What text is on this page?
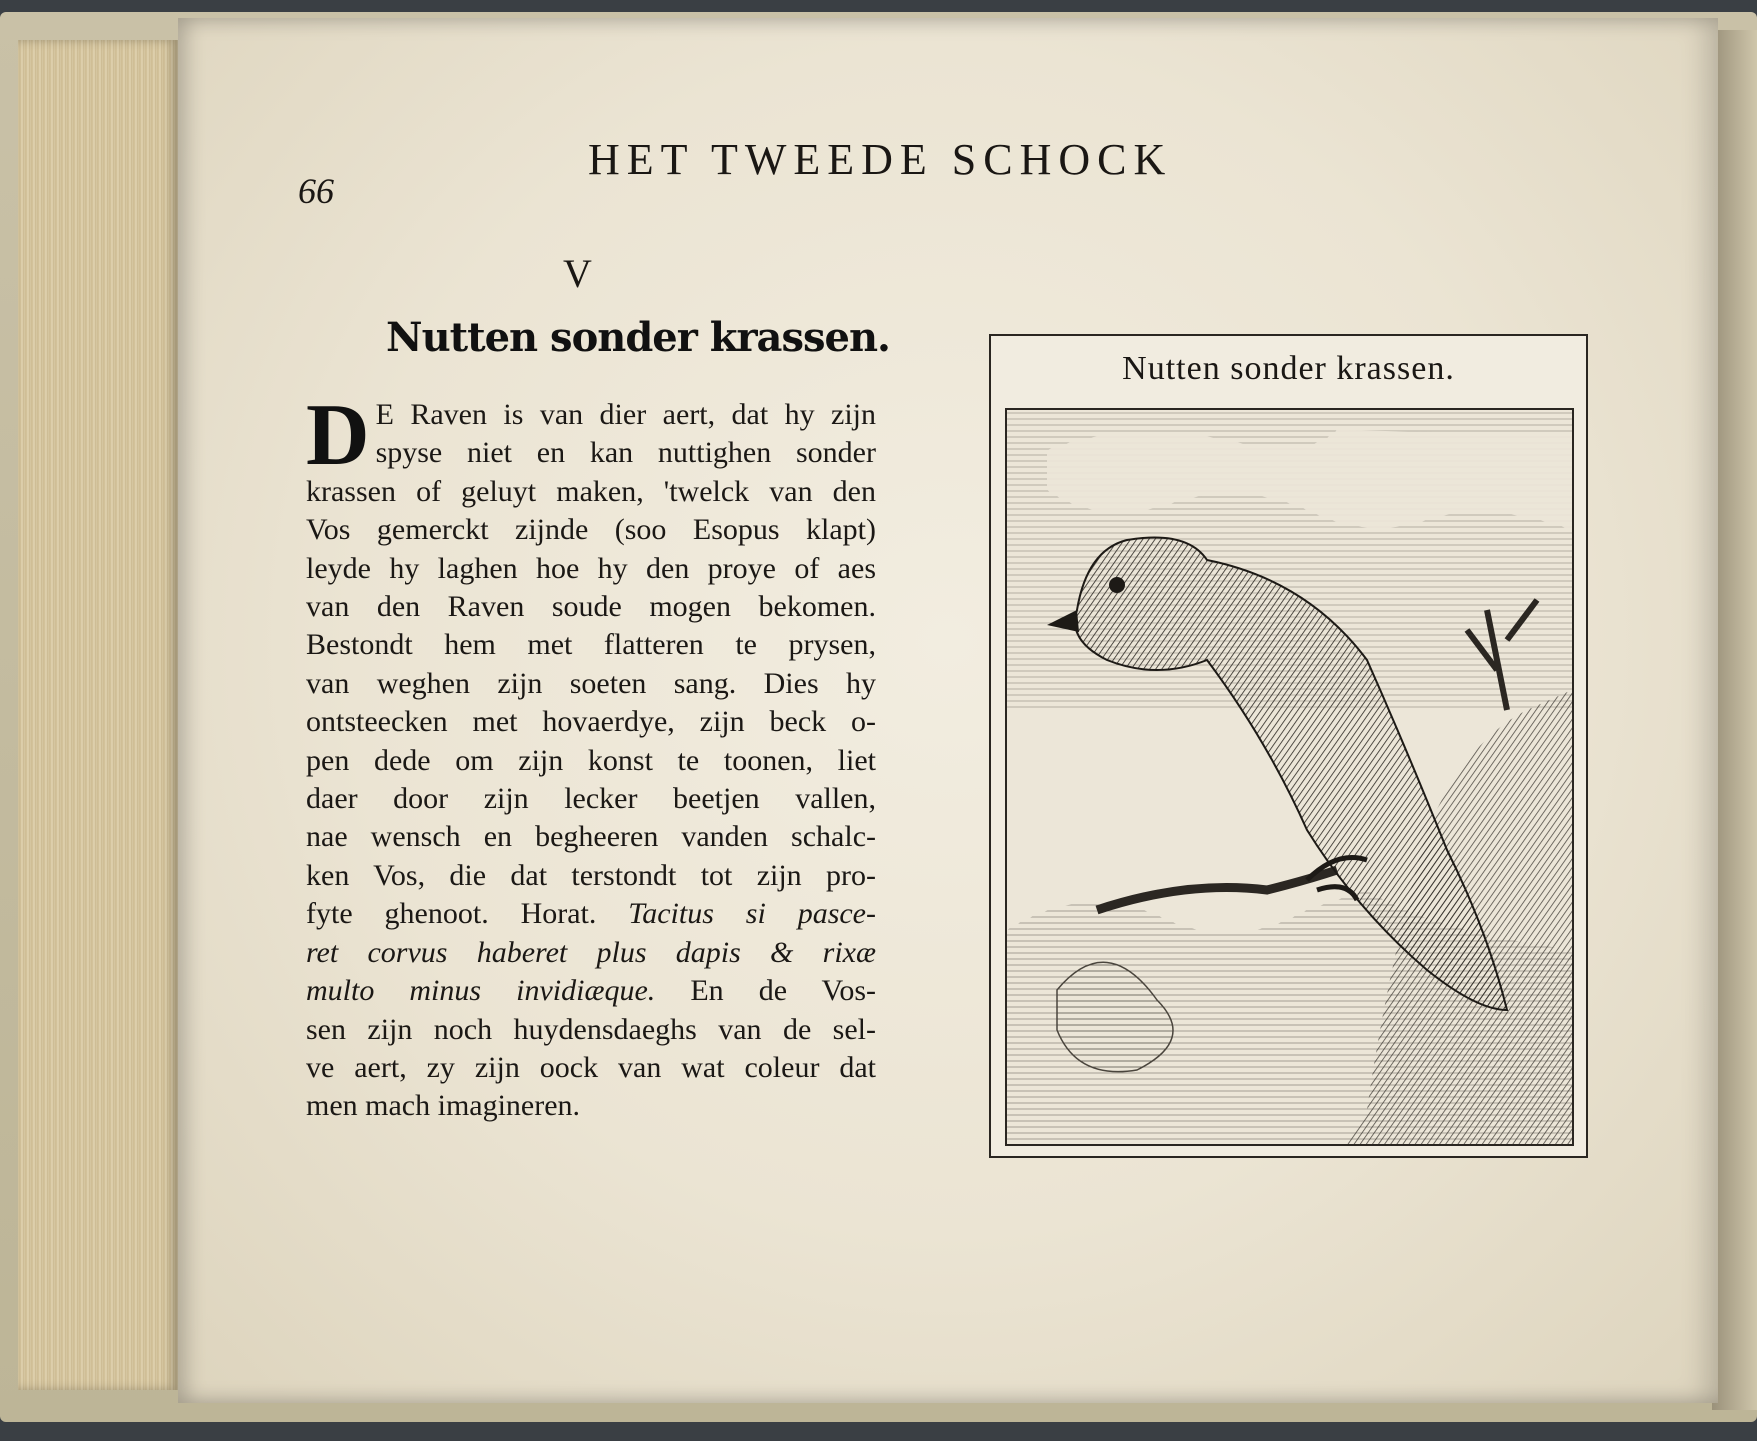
66
HET TWEEDE SCHOCK
V
Nutten sonder krassen.
D E Raven is van dier aert, dat hy zijn
spyse niet en kan nuttighen sonder
krassen of geluyt maken, 'twelck van den
Vos gemerckt zijnde (soo Esopus klapt)
leyde hy laghen hoe hy den proye of aes
van den Raven soude mogen bekomen.
Bestondt hem met flatteren te prysen,
van weghen zijn soeten sang. Dies hy
ontsteecken met hovaerdye, zijn beck o-
pen dede om zijn konst te toonen, liet
daer door zijn lecker beetjen vallen,
nae wensch en begheeren vanden schalc-
ken Vos, die dat terstondt tot zijn pro-
fyte ghenoot. Horat. Tacitus si pasce-
ret corvus haberet plus dapis & rixæ
multo minus invidiæque. En de Vos-
sen zijn noch huydensdaeghs van de sel-
ve aert, zy zijn oock van wat coleur dat
men mach imagineren.
Nutten sonder krassen.
